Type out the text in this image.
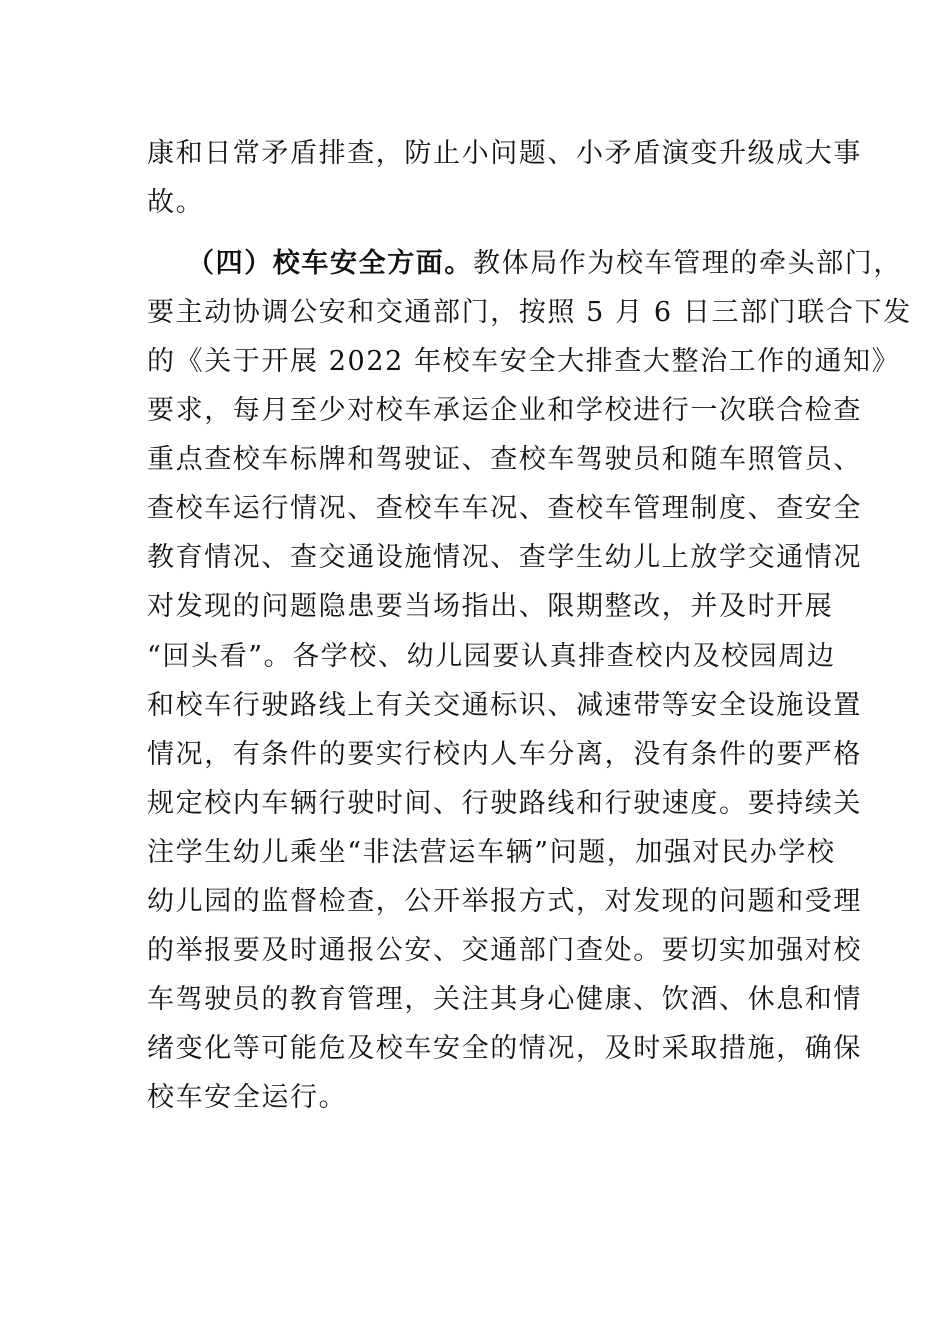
康和日常矛盾排查，防止小问题、小矛盾演变升级成大事
故。
（四）校车安全方面。教体局作为校车管理的牵头部门，
要主动协调公安和交通部门，按照 5 月 6 日三部门联合下发
的《关于开展 2022 年校车安全大排查大整治工作的通知》
要求，每月至少对校车承运企业和学校进行一次联合检查
重点查校车标牌和驾驶证、查校车驾驶员和随车照管员、
查校车运行情况、查校车车况、查校车管理制度、查安全
教育情况、查交通设施情况、查学生幼儿上放学交通情况
对发现的问题隐患要当场指出、限期整改，并及时开展
“回头看”。各学校、幼儿园要认真排查校内及校园周边
和校车行驶路线上有关交通标识、减速带等安全设施设置
情况，有条件的要实行校内人车分离，没有条件的要严格
规定校内车辆行驶时间、行驶路线和行驶速度。要持续关
注学生幼儿乘坐“非法营运车辆”问题，加强对民办学校
幼儿园的监督检查，公开举报方式，对发现的问题和受理
的举报要及时通报公安、交通部门查处。要切实加强对校
车驾驶员的教育管理，关注其身心健康、饮酒、休息和情
绪变化等可能危及校车安全的情况，及时采取措施，确保
校车安全运行。
